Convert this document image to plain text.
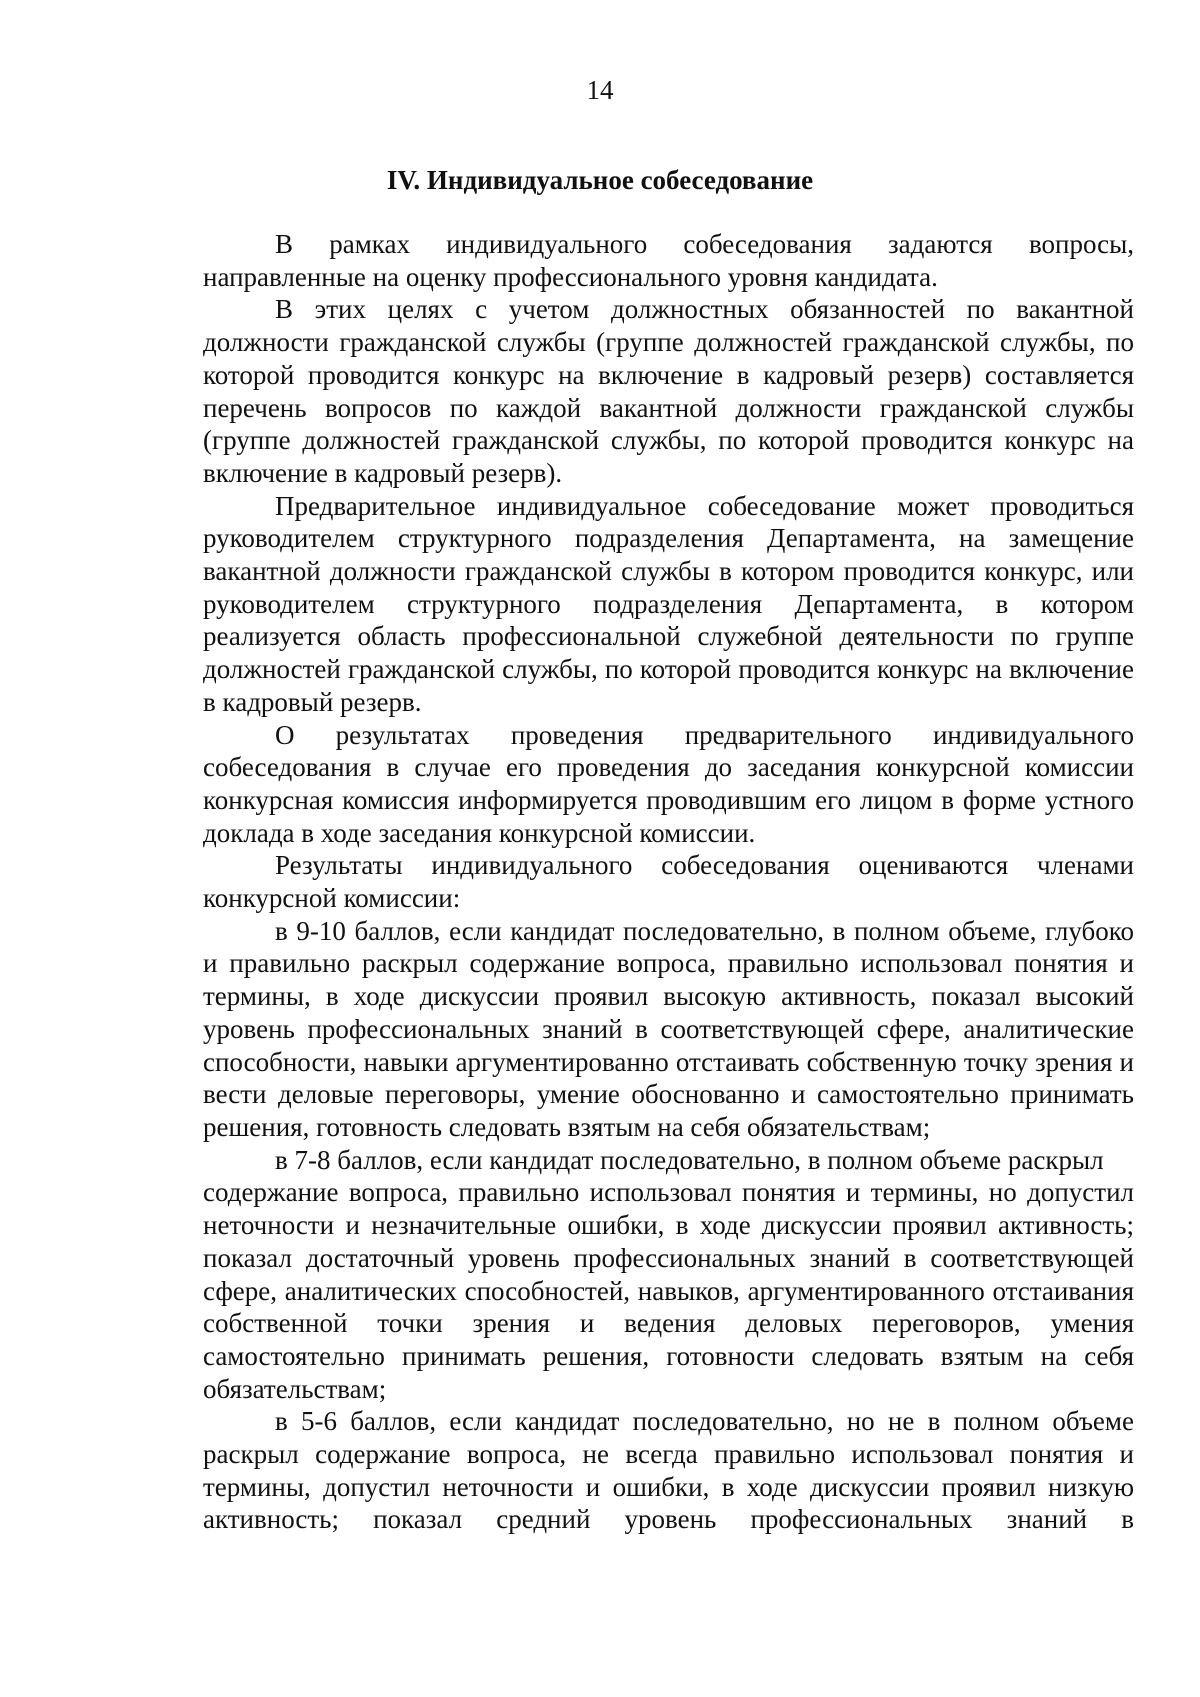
14
IV. Индивидуальное собеседование

В рамках индивидуального собеседования задаются вопросы, направленные на оценку профессионального уровня кандидата.

В этих целях с учетом должностных обязанностей по вакантной должности гражданской службы (группе должностей гражданской службы, по которой проводится конкурс на включение в кадровый резерв) составляется перечень вопросов по каждой вакантной должности гражданской службы (группе должностей гражданской службы, по которой проводится конкурс на включение в кадровый резерв).

Предварительное индивидуальное собеседование может проводиться руководителем структурного подразделения Департамента, на замещение вакантной должности гражданской службы в котором проводится конкурс, или руководителем структурного подразделения Департамента, в котором реализуется область профессиональной служебной деятельности по группе должностей гражданской службы, по которой проводится конкурс на включение в кадровый резерв.

О результатах проведения предварительного индивидуального собеседования в случае его проведения до заседания конкурсной комиссии конкурсная комиссия информируется проводившим его лицом в форме устного доклада в ходе заседания конкурсной комиссии.

Результаты индивидуального собеседования оцениваются членами конкурсной комиссии:

в 9-10 баллов, если кандидат последовательно, в полном объеме, глубоко и правильно раскрыл содержание вопроса, правильно использовал понятия и термины, в ходе дискуссии проявил высокую активность, показал высокий уровень профессиональных знаний в соответствующей сфере, аналитические способности, навыки аргументированно отстаивать собственную точку зрения и вести деловые переговоры, умение обоснованно и самостоятельно принимать решения, готовность следовать взятым на себя обязательствам;

в 7-8 баллов, если кандидат последовательно, в полном объеме раскрыл

содержание вопроса, правильно использовал понятия и термины, но допустил неточности и незначительные ошибки, в ходе дискуссии проявил активность; показал достаточный уровень профессиональных знаний в соответствующей сфере, аналитических способностей, навыков, аргументированного отстаивания собственной точки зрения и ведения деловых переговоров, умения самостоятельно принимать решения, готовности следовать взятым на себя обязательствам;

в 5-6 баллов, если кандидат последовательно, но не в полном объеме раскрыл содержание вопроса, не всегда правильно использовал понятия и термины, допустил неточности и ошибки, в ходе дискуссии проявил низкую активность; показал средний уровень профессиональных знаний в
